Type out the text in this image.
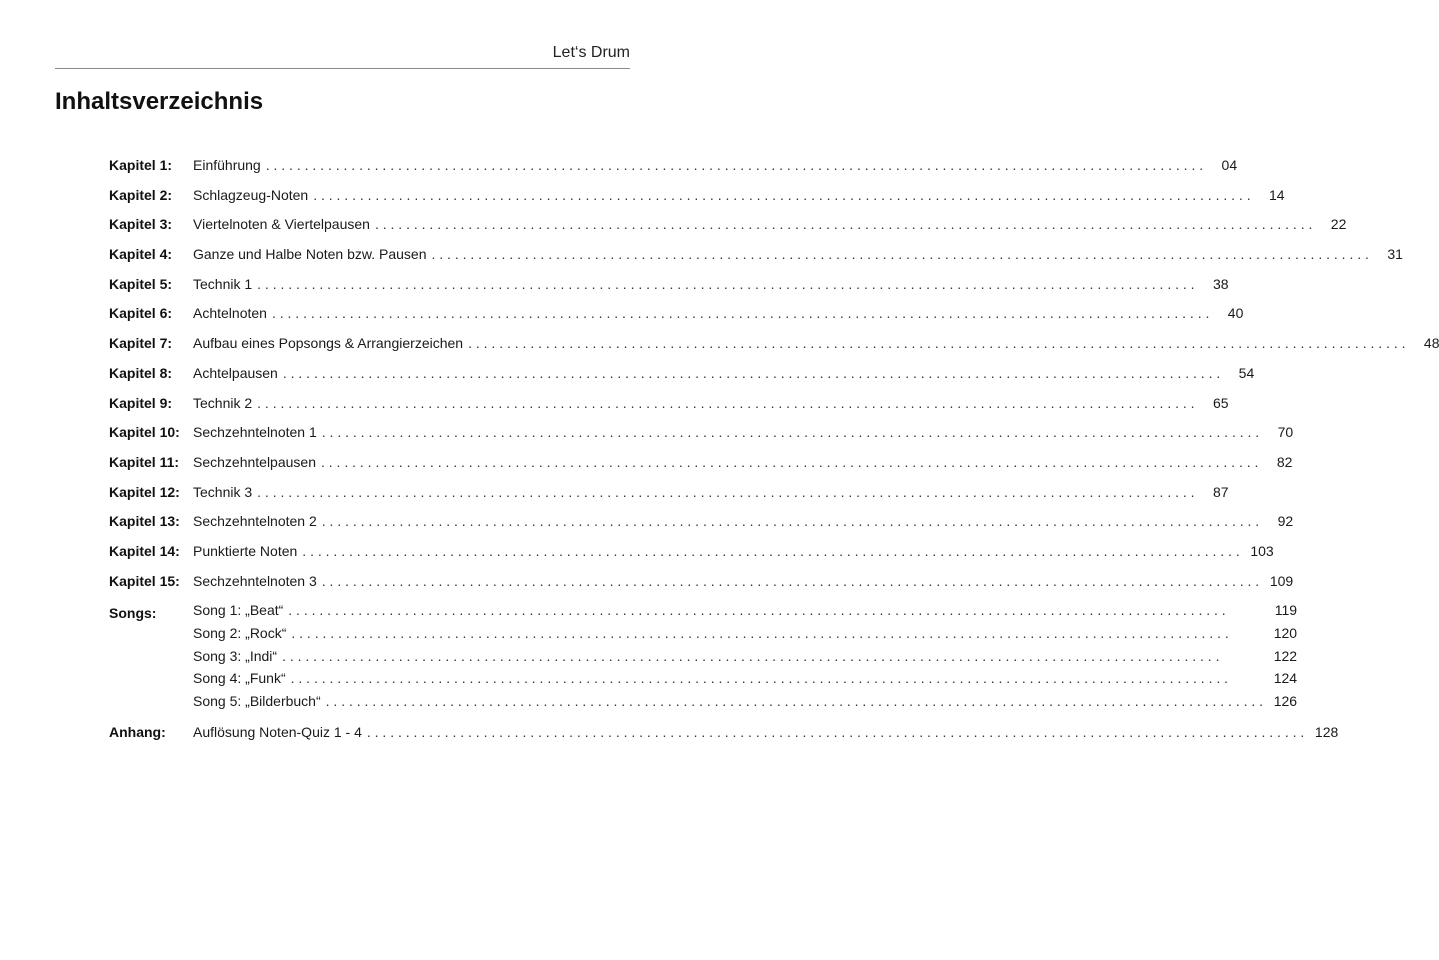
Let‘s Drum
Inhaltsverzeichnis
Kapitel 1:	Einführung . . .	04
Kapitel 2:	Schlagzeug-Noten . . .	14
Kapitel 3:	Viertelnoten & Viertelpausen . . .	22
Kapitel 4:	Ganze und Halbe Noten bzw. Pausen . . .	31
Kapitel 5:	Technik 1 . . .	38
Kapitel 6:	Achtelnoten . . .	40
Kapitel 7:	Aufbau eines Popsongs & Arrangierzeichen . . .	48
Kapitel 8:	Achtelpausen . . .	54
Kapitel 9:	Technik 2 . . .	65
Kapitel 10: Sechzehntelnoten 1 . . .	70
Kapitel 11: Sechzehntelpausen . . .	82
Kapitel 12: Technik 3 . . .	87
Kapitel 13: Sechzehntelnoten 2 . . .	92
Kapitel 14: Punktierte Noten . . .	103
Kapitel 15: Sechzehntelnoten 3 . . .	109
Songs:	Song 1: „Beat“ . . .	119
Song 2: „Rock“ . . .	120
Song 3: „Indi“ . . .	122
Song 4: „Funk“ . . .	124
Song 5: „Bilderbuch“ . . .	126
Anhang:	Auflösung Noten-Quiz 1 - 4 . . .	128
